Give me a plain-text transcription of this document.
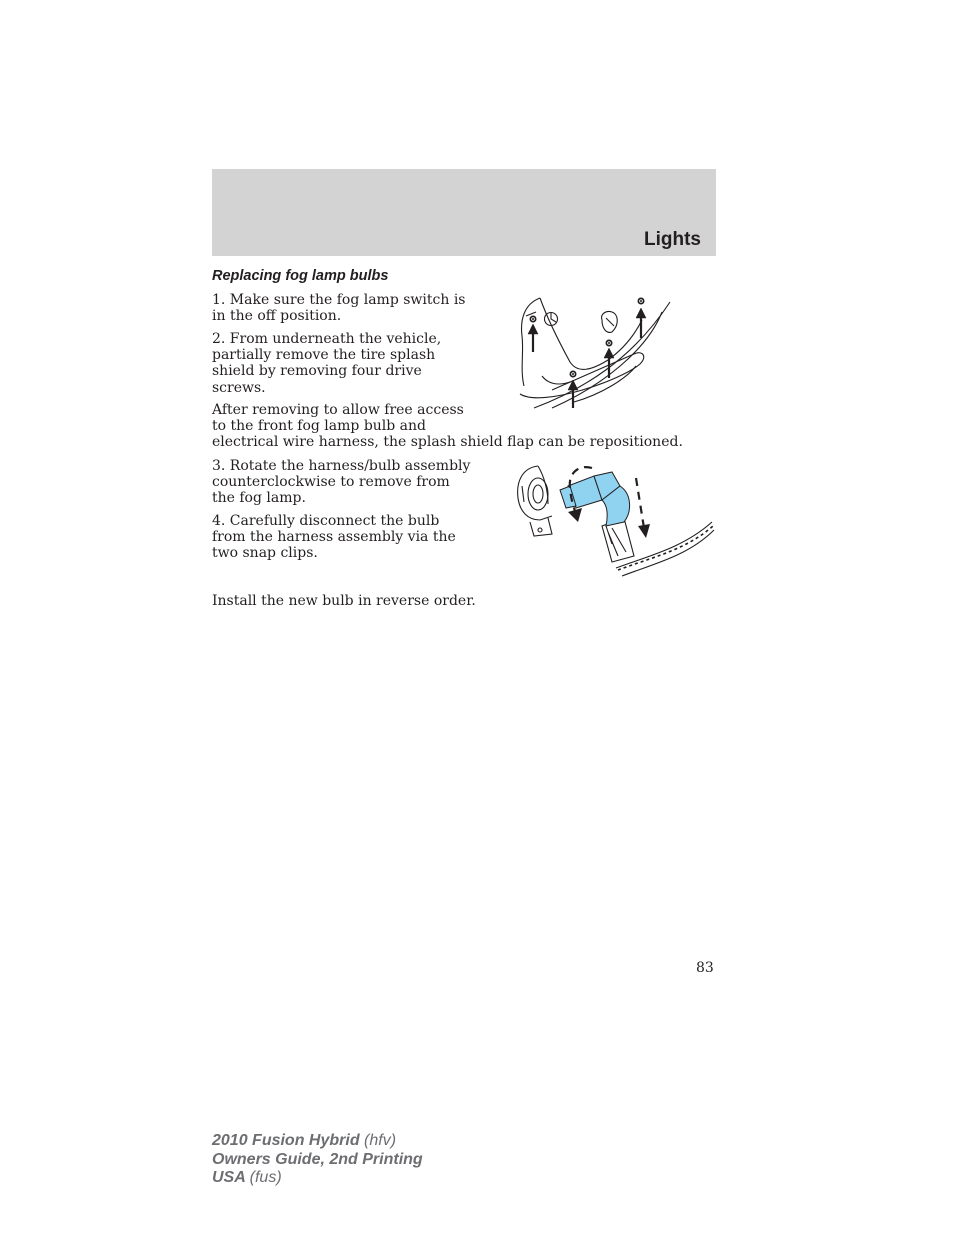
Lights
Replacing fog lamp bulbs

1. Make sure the fog lamp switch is
in the off position.

2. From underneath the vehicle,
partially remove the tire splash
shield by removing four drive
screws.

After removing to allow free access
to the front fog lamp bulb and
electrical wire harness, the splash shield flap can be repositioned.

3. Rotate the harness/bulb assembly
counterclockwise to remove from
the fog lamp.

4. Carefully disconnect the bulb
from the harness assembly via the
two snap clips.

Install the new bulb in reverse order.

83
2010 Fusion Hybrid (hfv)
Owners Guide, 2nd Printing
USA (fus)
